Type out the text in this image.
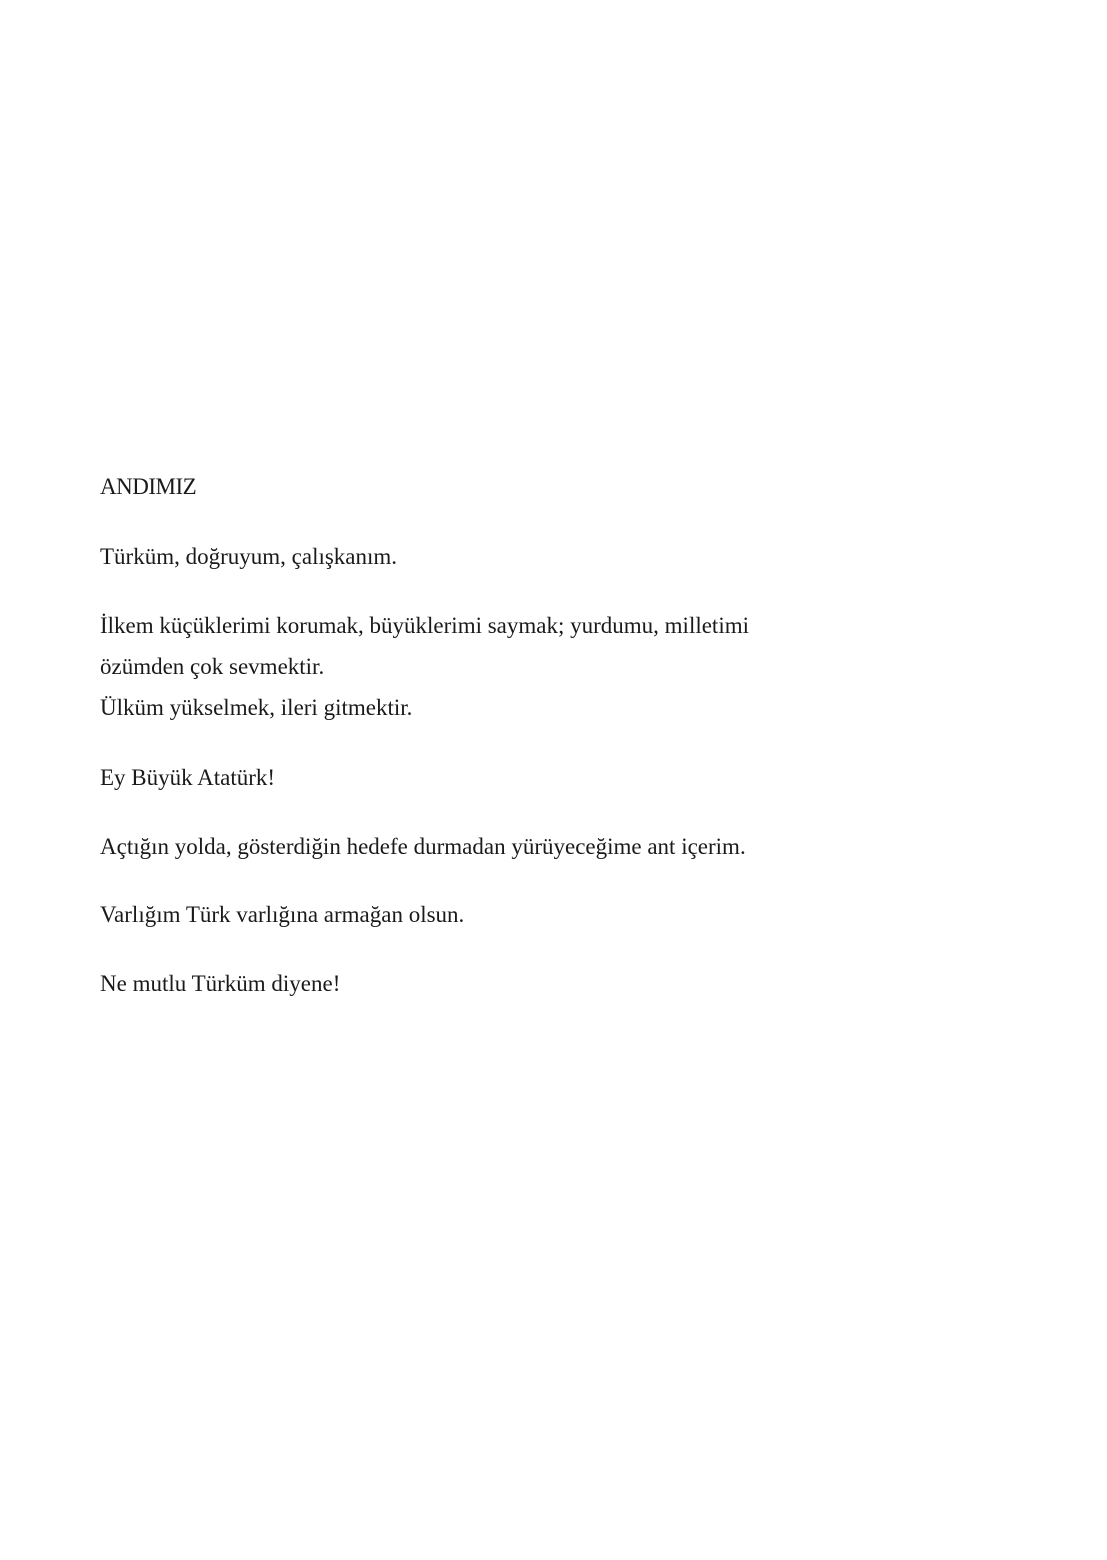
ANDIMIZ
Türküm, doğruyum, çalışkanım.
İlkem küçüklerimi korumak, büyüklerimi saymak; yurdumu, milletimi
özümden çok sevmektir.
Ülküm yükselmek, ileri gitmektir.
Ey Büyük Atatürk!
Açtığın yolda, gösterdiğin hedefe durmadan yürüyeceğime ant içerim.
Varlığım Türk varlığına armağan olsun.
Ne mutlu Türküm diyene!
